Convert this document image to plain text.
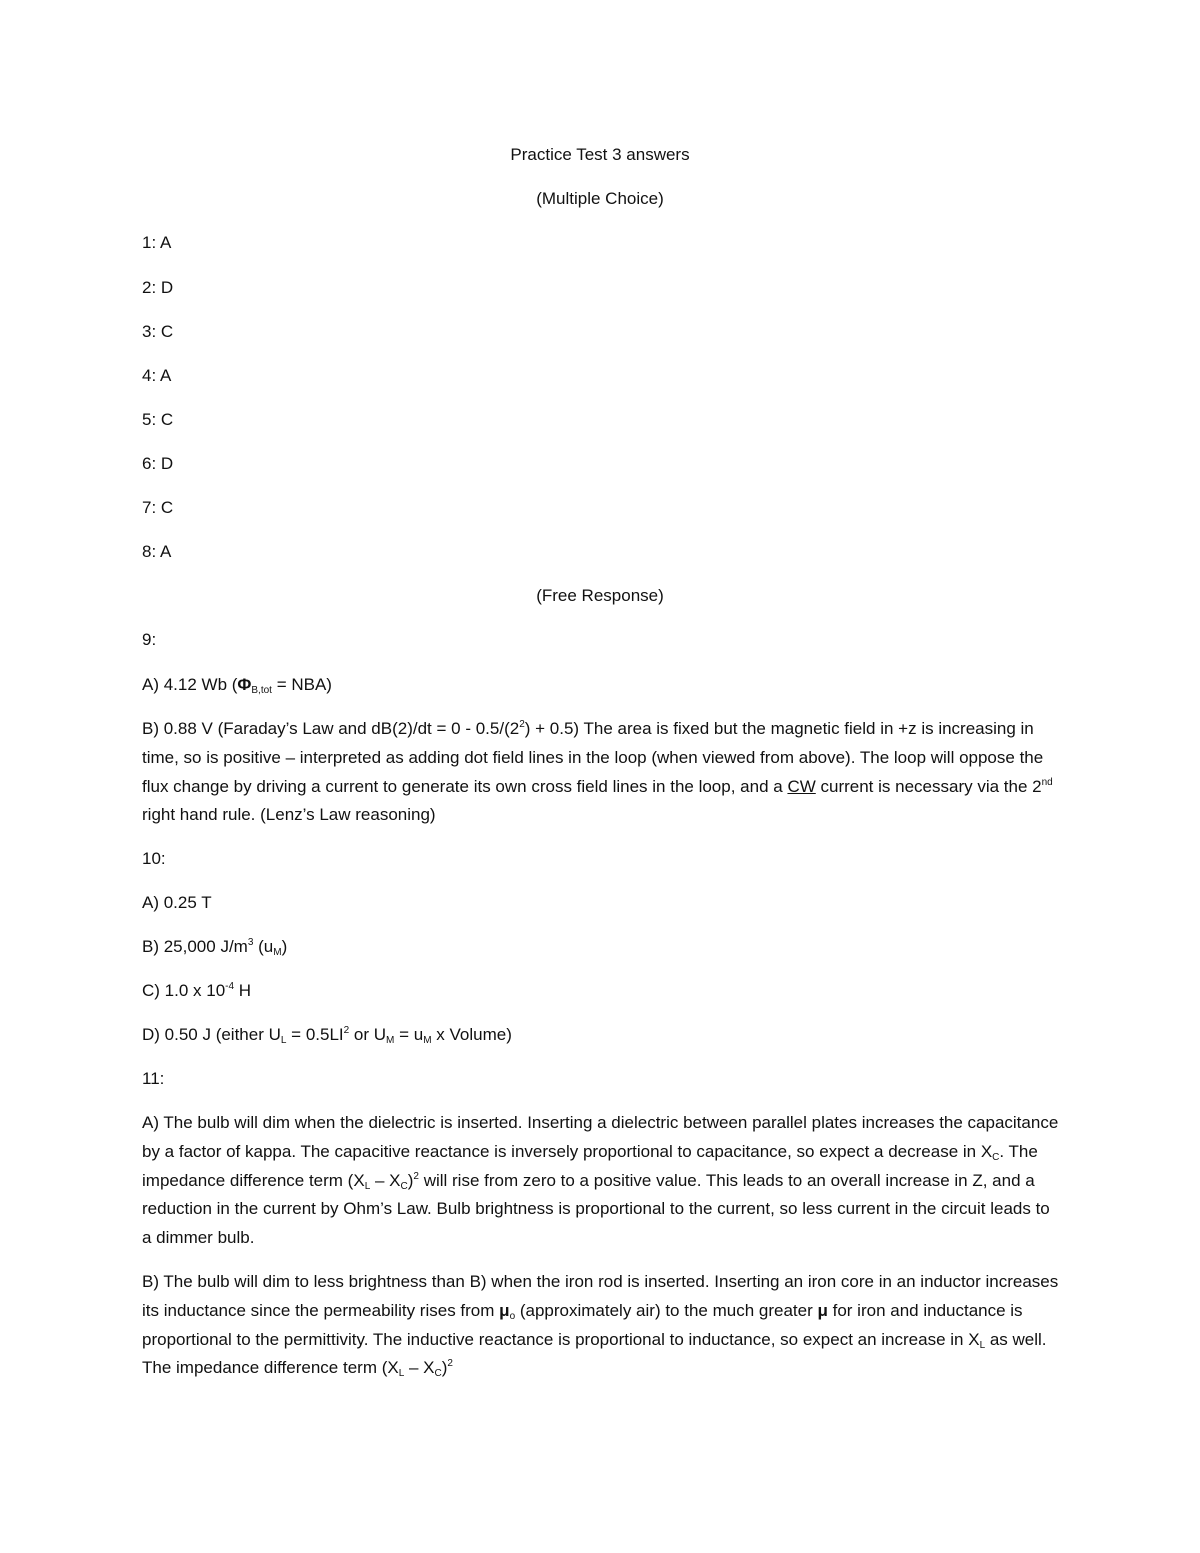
Practice Test 3 answers
(Multiple Choice)
1: A
2: D
3: C
4: A
5: C
6: D
7: C
8: A
(Free Response)
9:
A) 4.12 Wb $(\Phi_{B,tot} = NBA)$
B) 0.88 V (Faraday’s Law and $dB(2)/dt = 0 - 0.5/(2^2) + 0.5$) The area is fixed but the magnetic field in +z is increasing in time, so is positive – interpreted as adding dot field lines in the loop (when viewed from above). The loop will oppose the flux change by driving a current to generate its own cross field lines in the loop, and a CW current is necessary via the 2nd right hand rule. (Lenz’s Law reasoning)
10:
A) 0.25 T
B) 25,000 $J/m^3$ $(u_M)$
C) 1.0 x $10^{-4}$ H
D) 0.50 J (either $U_L = 0.5LI^2$ or $U_M = u_M$ x Volume)
11:
A) The bulb will dim when the dielectric is inserted. Inserting a dielectric between parallel plates increases the capacitance by a factor of kappa. The capacitive reactance is inversely proportional to capacitance, so expect a decrease in $X_C$. The impedance difference term $(X_L - X_C)^2$ will rise from zero to a positive value. This leads to an overall increase in Z, and a reduction in the current by Ohm’s Law. Bulb brightness is proportional to the current, so less current in the circuit leads to a dimmer bulb.
B) The bulb will dim to less brightness than B) when the iron rod is inserted. Inserting an iron core in an inductor increases its inductance since the permeability rises from $\mu_o$ (approximately air) to the much greater μ for iron and inductance is proportional to the permittivity. The inductive reactance is proportional to inductance, so expect an increase in $X_L$ as well. The impedance difference term $(X_L - X_C)^2$
